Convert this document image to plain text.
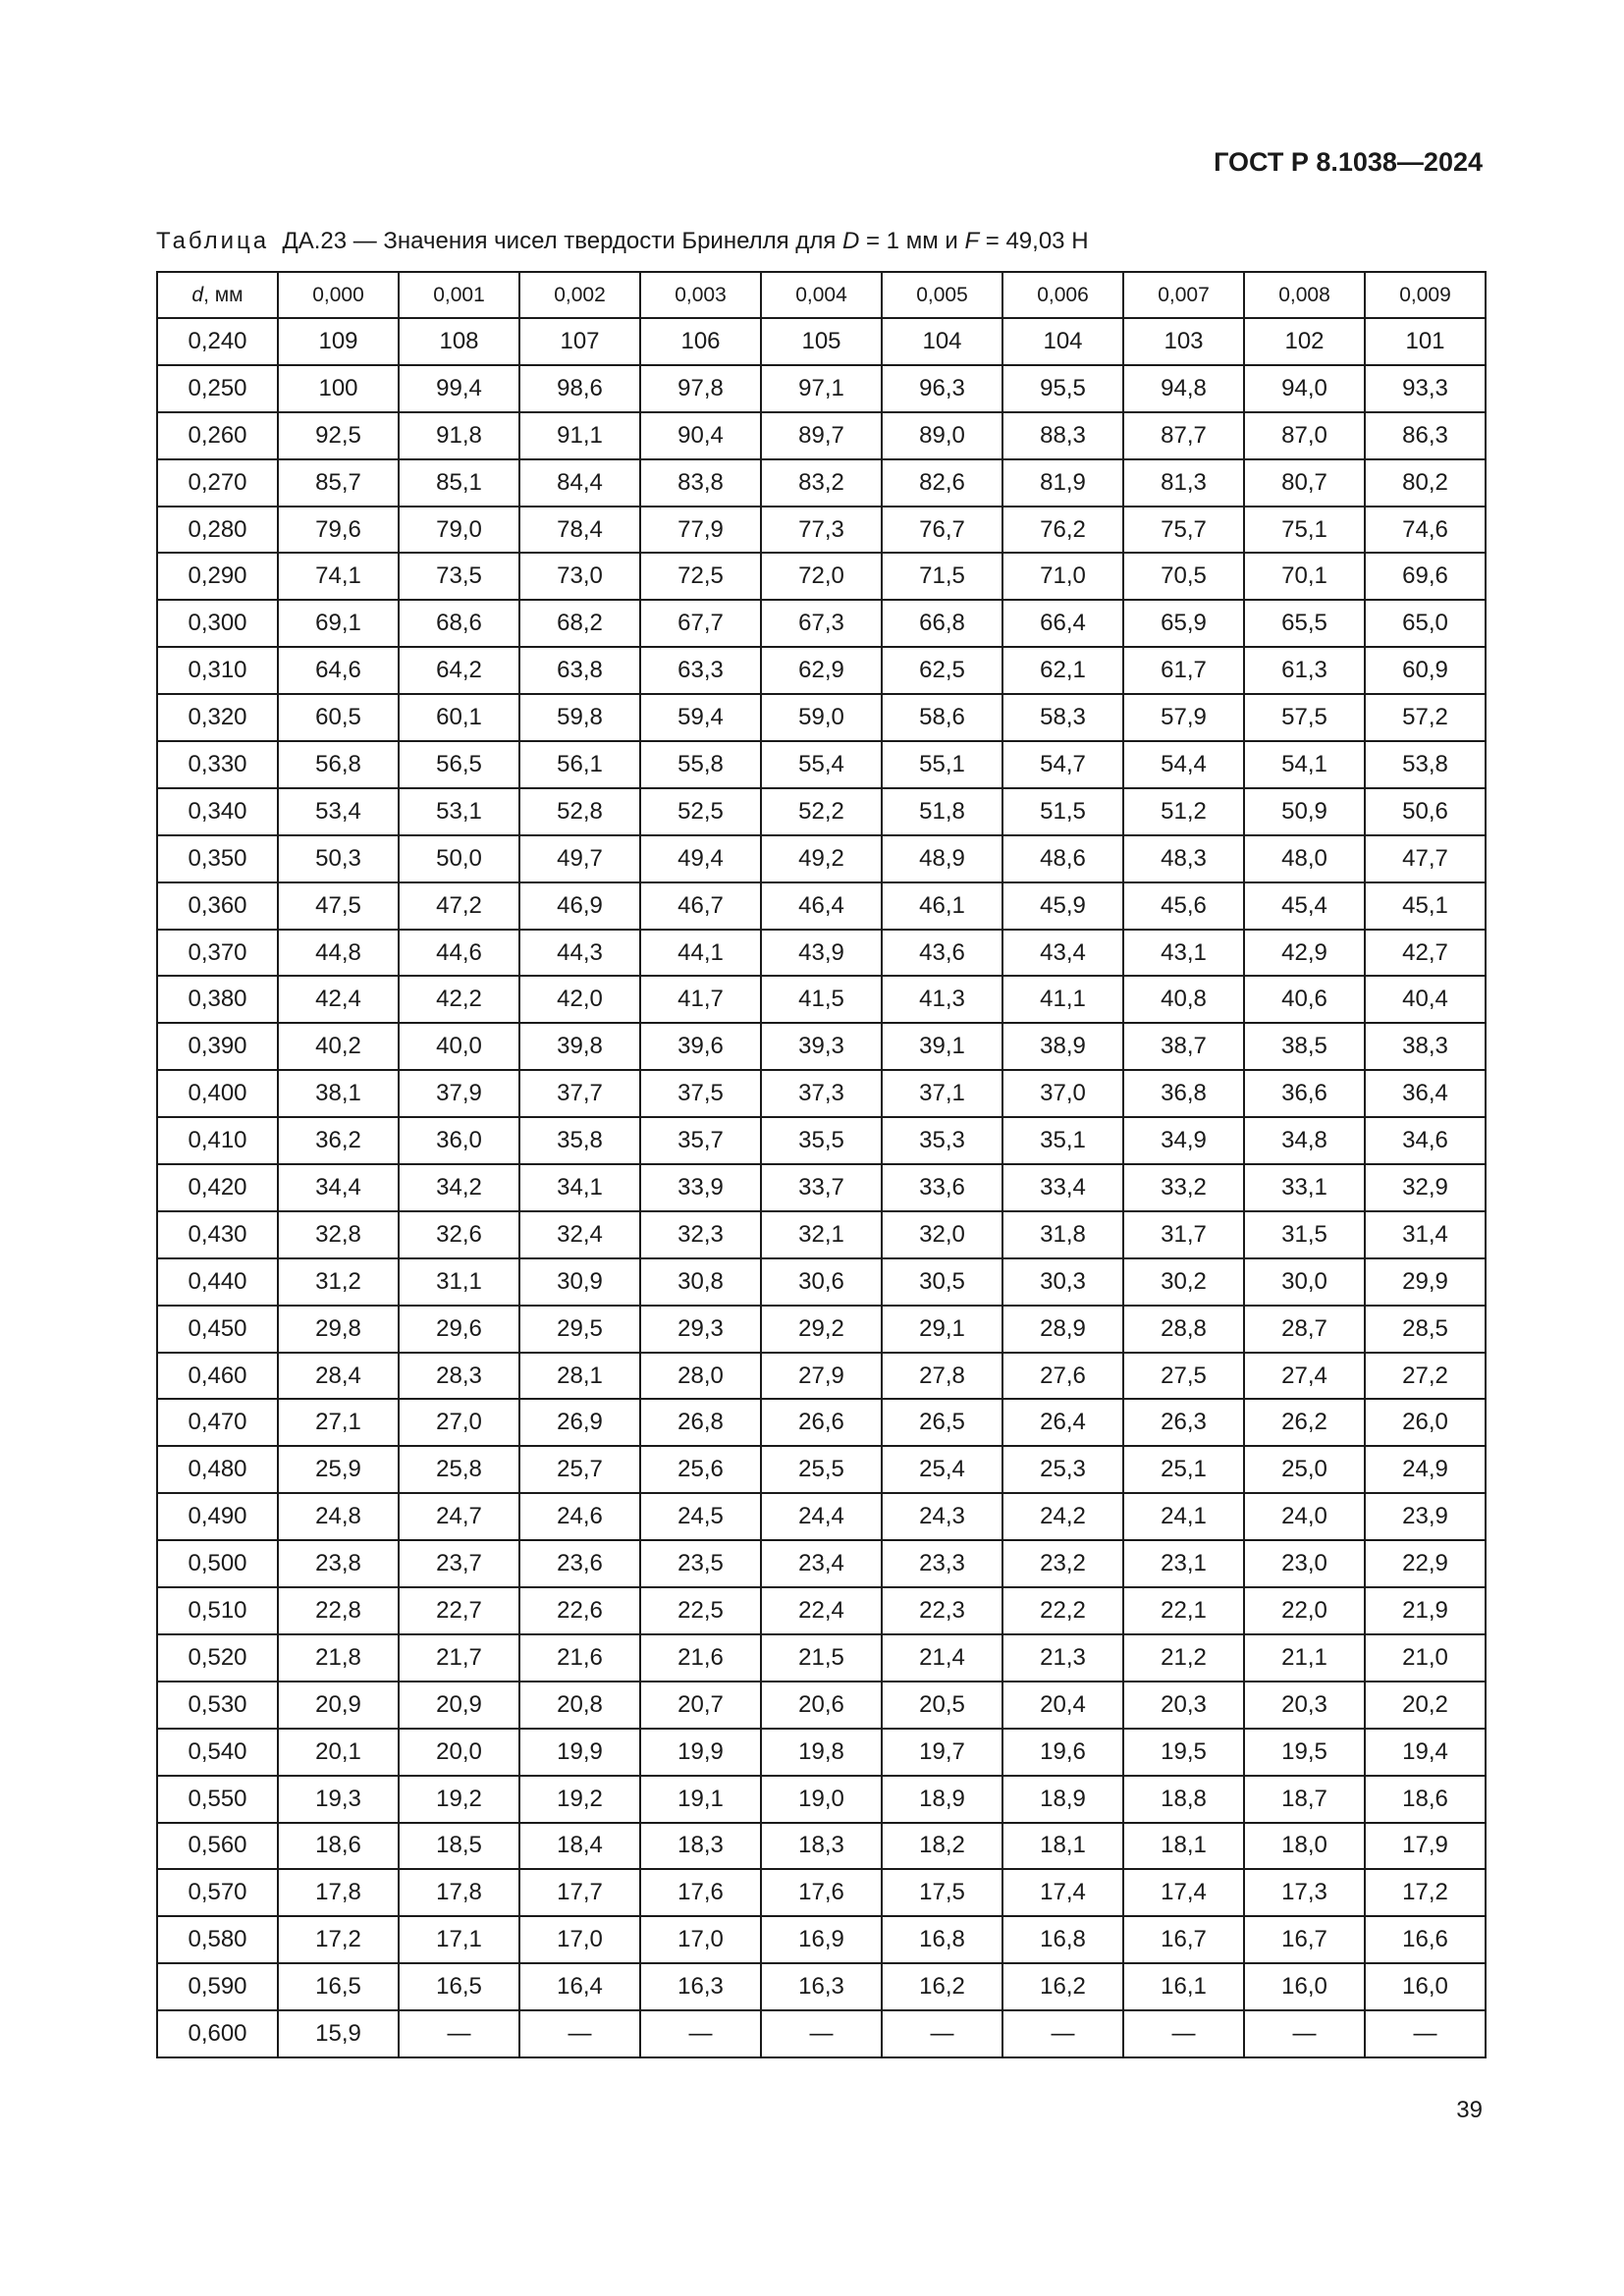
ГОСТ Р 8.1038—2024
Таблица ДА.23 — Значения чисел твердости Бринелля для D = 1 мм и F = 49,03 Н
d, мм	0,000	0,001	0,002	0,003	0,004	0,005	0,006	0,007	0,008	0,009
0,240	109	108	107	106	105	104	104	103	102	101
0,250	100	99,4	98,6	97,8	97,1	96,3	95,5	94,8	94,0	93,3
0,260	92,5	91,8	91,1	90,4	89,7	89,0	88,3	87,7	87,0	86,3
0,270	85,7	85,1	84,4	83,8	83,2	82,6	81,9	81,3	80,7	80,2
0,280	79,6	79,0	78,4	77,9	77,3	76,7	76,2	75,7	75,1	74,6
0,290	74,1	73,5	73,0	72,5	72,0	71,5	71,0	70,5	70,1	69,6
0,300	69,1	68,6	68,2	67,7	67,3	66,8	66,4	65,9	65,5	65,0
0,310	64,6	64,2	63,8	63,3	62,9	62,5	62,1	61,7	61,3	60,9
0,320	60,5	60,1	59,8	59,4	59,0	58,6	58,3	57,9	57,5	57,2
0,330	56,8	56,5	56,1	55,8	55,4	55,1	54,7	54,4	54,1	53,8
0,340	53,4	53,1	52,8	52,5	52,2	51,8	51,5	51,2	50,9	50,6
0,350	50,3	50,0	49,7	49,4	49,2	48,9	48,6	48,3	48,0	47,7
0,360	47,5	47,2	46,9	46,7	46,4	46,1	45,9	45,6	45,4	45,1
0,370	44,8	44,6	44,3	44,1	43,9	43,6	43,4	43,1	42,9	42,7
0,380	42,4	42,2	42,0	41,7	41,5	41,3	41,1	40,8	40,6	40,4
0,390	40,2	40,0	39,8	39,6	39,3	39,1	38,9	38,7	38,5	38,3
0,400	38,1	37,9	37,7	37,5	37,3	37,1	37,0	36,8	36,6	36,4
0,410	36,2	36,0	35,8	35,7	35,5	35,3	35,1	34,9	34,8	34,6
0,420	34,4	34,2	34,1	33,9	33,7	33,6	33,4	33,2	33,1	32,9
0,430	32,8	32,6	32,4	32,3	32,1	32,0	31,8	31,7	31,5	31,4
0,440	31,2	31,1	30,9	30,8	30,6	30,5	30,3	30,2	30,0	29,9
0,450	29,8	29,6	29,5	29,3	29,2	29,1	28,9	28,8	28,7	28,5
0,460	28,4	28,3	28,1	28,0	27,9	27,8	27,6	27,5	27,4	27,2
0,470	27,1	27,0	26,9	26,8	26,6	26,5	26,4	26,3	26,2	26,0
0,480	25,9	25,8	25,7	25,6	25,5	25,4	25,3	25,1	25,0	24,9
0,490	24,8	24,7	24,6	24,5	24,4	24,3	24,2	24,1	24,0	23,9
0,500	23,8	23,7	23,6	23,5	23,4	23,3	23,2	23,1	23,0	22,9
0,510	22,8	22,7	22,6	22,5	22,4	22,3	22,2	22,1	22,0	21,9
0,520	21,8	21,7	21,6	21,6	21,5	21,4	21,3	21,2	21,1	21,0
0,530	20,9	20,9	20,8	20,7	20,6	20,5	20,4	20,3	20,3	20,2
0,540	20,1	20,0	19,9	19,9	19,8	19,7	19,6	19,5	19,5	19,4
0,550	19,3	19,2	19,2	19,1	19,0	18,9	18,9	18,8	18,7	18,6
0,560	18,6	18,5	18,4	18,3	18,3	18,2	18,1	18,1	18,0	17,9
0,570	17,8	17,8	17,7	17,6	17,6	17,5	17,4	17,4	17,3	17,2
0,580	17,2	17,1	17,0	17,0	16,9	16,8	16,8	16,7	16,7	16,6
0,590	16,5	16,5	16,4	16,3	16,3	16,2	16,2	16,1	16,0	16,0
0,600	15,9	—	—	—	—	—	—	—	—	—
39
